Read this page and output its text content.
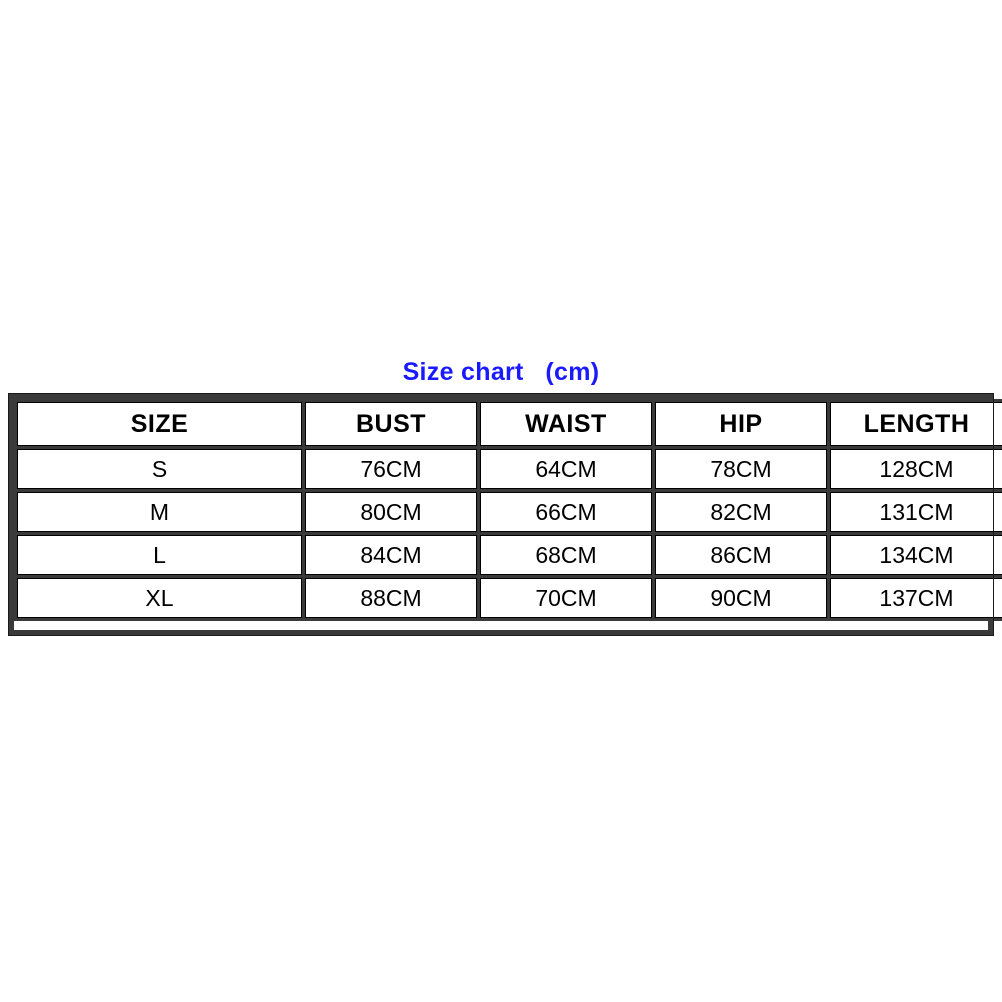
Size chart   (cm)
SIZE	BUST	WAIST	HIP	LENGTH
S	76CM	64CM	78CM	128CM
M	80CM	66CM	82CM	131CM
L	84CM	68CM	86CM	134CM
XL	88CM	70CM	90CM	137CM
